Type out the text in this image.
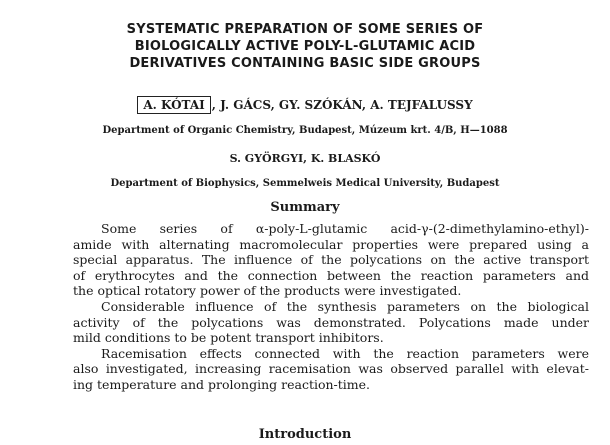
SYSTEMATIC PREPARATION OF SOME SERIES OF
BIOLOGICALLY ACTIVE POLY-L-GLUTAMIC ACID
DERIVATIVES CONTAINING BASIC SIDE GROUPS
A. KÓTAI , J. GÁCS, GY. SZÓKÁN, A. TEJFALUSSY
Department of Organic Chemistry, Budapest, Múzeum krt. 4/B, H—1088
S. GYÖRGYI, K. BLASKÓ
Department of Biophysics, Semmelweis Medical University, Budapest
Summary
Some series of α-poly-L-glutamic acid-γ-(2-dimethylamino-ethyl)-
amide with alternating macromolecular properties were prepared using a
special apparatus. The influence of the polycations on the active transport
of erythrocytes and the connection between the reaction parameters and
the optical rotatory power of the products were investigated.
Considerable influence of the synthesis parameters on the biological
activity of the polycations was demonstrated. Polycations made under
mild conditions to be potent transport inhibitors.
Racemisation effects connected with the reaction parameters were
also investigated, increasing racemisation was observed parallel with elevat-
ing temperature and prolonging reaction-time.
Introduction
